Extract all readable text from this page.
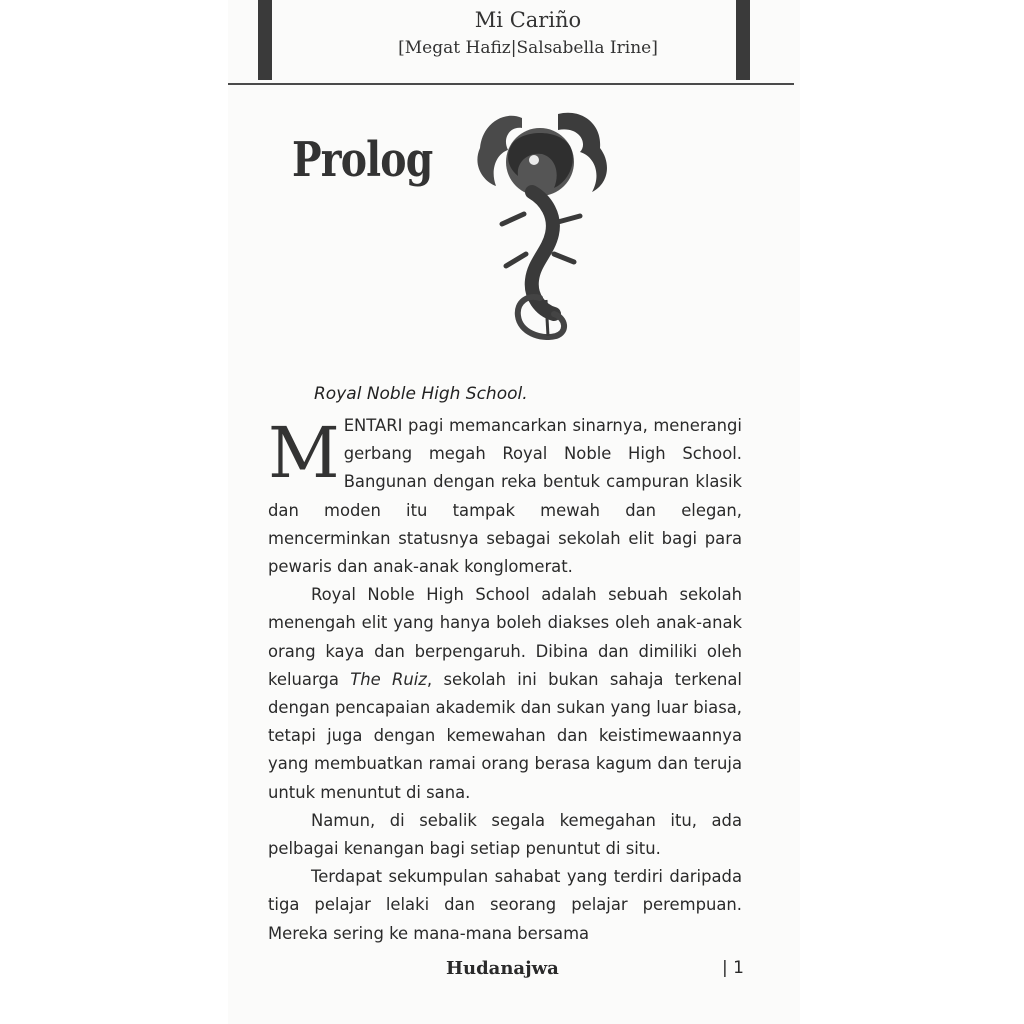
Mi Cariño
[Megat Hafiz|Salsabella Irine]
Prolog
Royal Noble High School.

MENTARI pagi memancarkan sinarnya, menerangi gerbang megah Royal Noble High School. Bangunan dengan reka bentuk campuran klasik dan moden itu tampak mewah dan elegan, mencerminkan statusnya sebagai sekolah elit bagi para pewaris dan anak-anak konglomerat.

Royal Noble High School adalah sebuah sekolah menengah elit yang hanya boleh diakses oleh anak-anak orang kaya dan berpengaruh. Dibina dan dimiliki oleh keluarga The Ruiz, sekolah ini bukan sahaja terkenal dengan pencapaian akademik dan sukan yang luar biasa, tetapi juga dengan kemewahan dan keistimewaannya yang membuatkan ramai orang berasa kagum dan teruja untuk menuntut di sana.

Namun, di sebalik segala kemegahan itu, ada pelbagai kenangan bagi setiap penuntut di situ.

Terdapat sekumpulan sahabat yang terdiri daripada tiga pelajar lelaki dan seorang pelajar perempuan. Mereka sering ke mana-mana bersama

Hudanajwa	| 1
